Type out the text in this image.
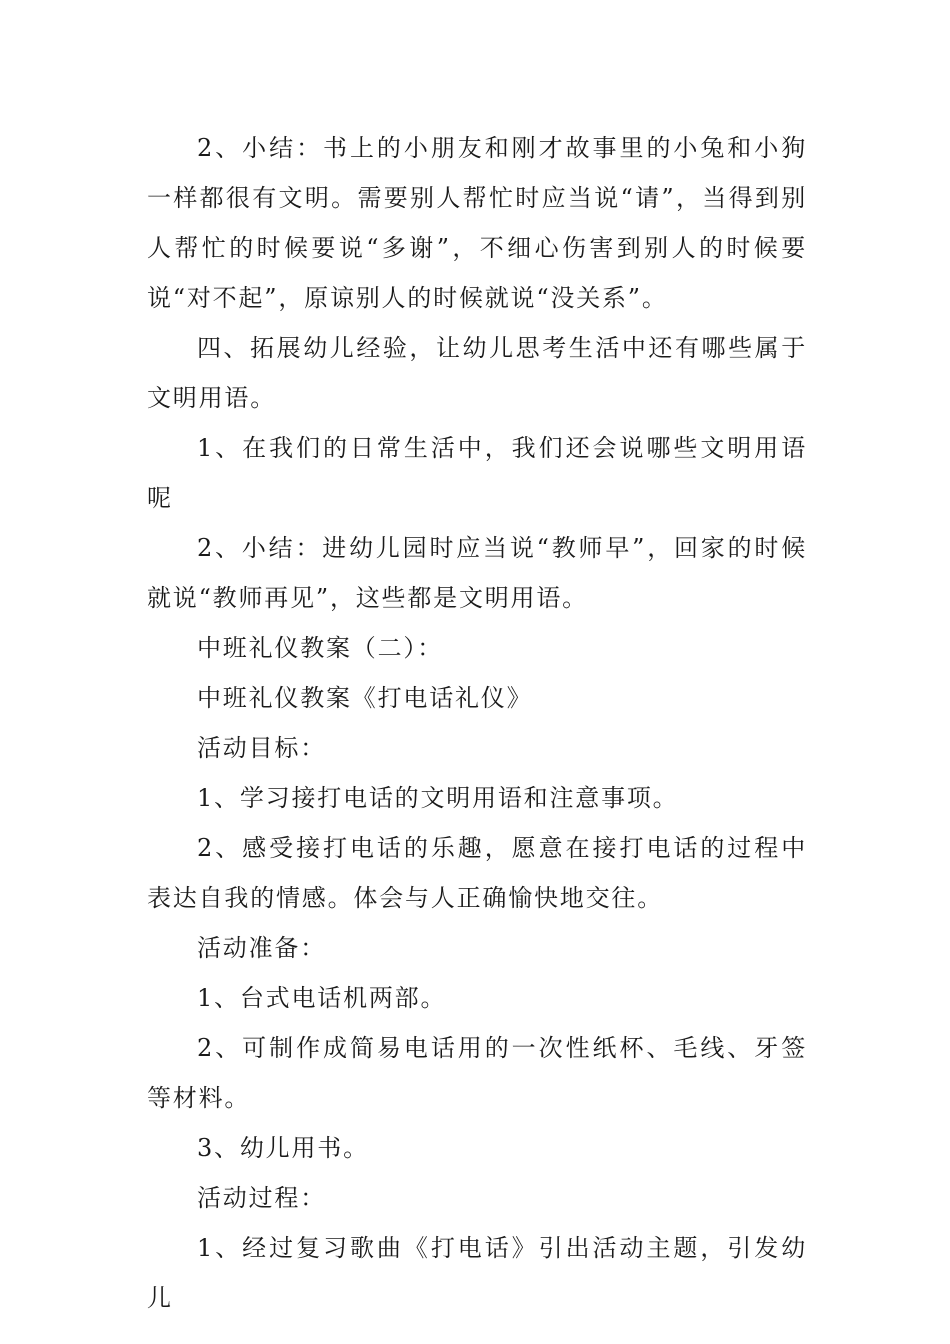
2、小结：书上的小朋友和刚才故事里的小兔和小狗一样都很有文明。需要别人帮忙时应当说“请”，当得到别人帮忙的时候要说“多谢”，不细心伤害到别人的时候要说“对不起”，原谅别人的时候就说“没关系”。

四、拓展幼儿经验，让幼儿思考生活中还有哪些属于文明用语。

1、在我们的日常生活中，我们还会说哪些文明用语呢

2、小结：进幼儿园时应当说“教师早”，回家的时候就说“教师再见”，这些都是文明用语。

中班礼仪教案（二）：

中班礼仪教案《打电话礼仪》

活动目标：

1、学习接打电话的文明用语和注意事项。

2、感受接打电话的乐趣，愿意在接打电话的过程中表达自我的情感。体会与人正确愉快地交往。

活动准备：

1、台式电话机两部。

2、可制作成简易电话用的一次性纸杯、毛线、牙签等材料。

3、幼儿用书。

活动过程：

1、经过复习歌曲《打电话》引出活动主题，引发幼儿
